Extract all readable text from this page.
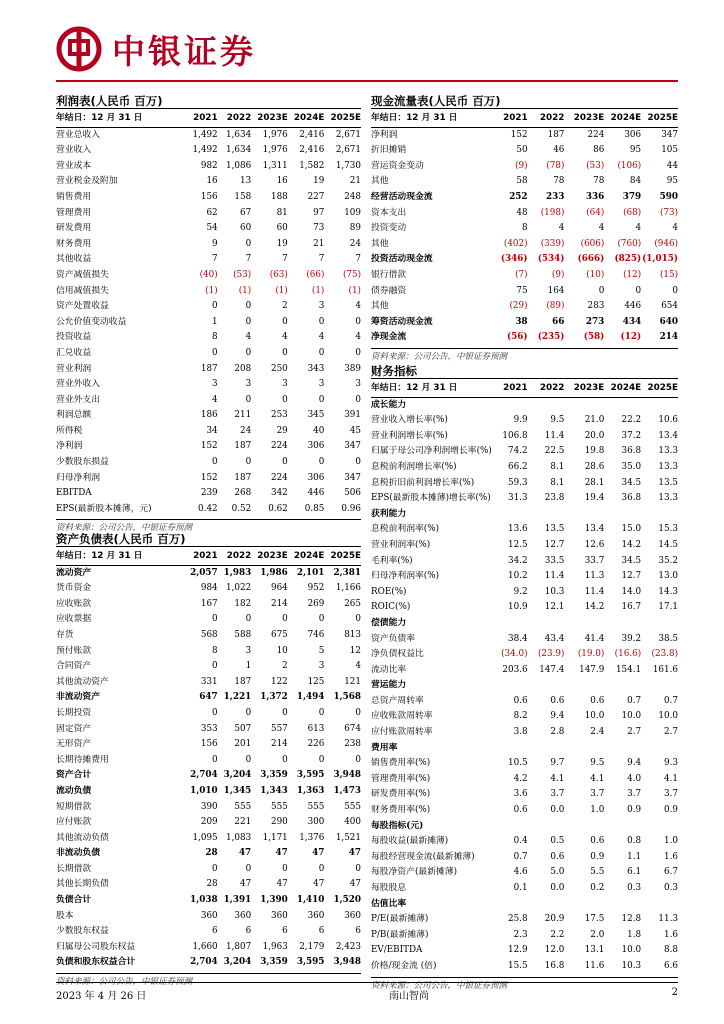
中银证券
利润表(人民币 百万)
年结日：12 月 31 日	2021	2022	2023E	2024E	2025E
营业总收入	1,492	1,634	1,976	2,416	2,671
营业收入	1,492	1,634	1,976	2,416	2,671
营业成本	982	1,086	1,311	1,582	1,730
营业税金及附加	16	13	16	19	21
销售费用	156	158	188	227	248
管理费用	62	67	81	97	109
研发费用	54	60	60	73	89
财务费用	9	0	19	21	24
其他收益	7	7	7	7	7
资产减值损失	(40)	(53)	(63)	(66)	(75)
信用减值损失	(1)	(1)	(1)	(1)	(1)
资产处置收益	0	0	2	3	4
公允价值变动收益	1	0	0	0	0
投资收益	8	4	4	4	4
汇兑收益	0	0	0	0	0
营业利润	187	208	250	343	389
营业外收入	3	3	3	3	3
营业外支出	4	0	0	0	0
利润总额	186	211	253	345	391
所得税	34	24	29	40	45
净利润	152	187	224	306	347
少数股东损益	0	0	0	0	0
归母净利润	152	187	224	306	347
EBITDA	239	268	342	446	506
EPS(最新股本摊薄，元)	0.42	0.52	0.62	0.85	0.96
资料来源：公司公告，中银证券预测
资产负债表(人民币 百万)
年结日：12 月 31 日	2021	2022	2023E	2024E	2025E
流动资产	2,057	1,983	1,986	2,101	2,381
货币资金	984	1,022	964	952	1,166
应收账款	167	182	214	269	265
应收票据	0	0	0	0	0
存货	568	588	675	746	813
预付账款	8	3	10	5	12
合同资产	0	1	2	3	4
其他流动资产	331	187	122	125	121
非流动资产	647	1,221	1,372	1,494	1,568
长期投资	0	0	0	0	0
固定资产	353	507	557	613	674
无形资产	156	201	214	226	238
长期待摊费用	0	0	0	0	0
资产合计	2,704	3,204	3,359	3,595	3,948
流动负债	1,010	1,345	1,343	1,363	1,473
短期借款	390	555	555	555	555
应付账款	209	221	290	300	400
其他流动负债	1,095	1,083	1,171	1,376	1,521
非流动负债	28	47	47	47	47
长期借款	0	0	0	0	0
其他长期负债	28	47	47	47	47
负债合计	1,038	1,391	1,390	1,410	1,520
股本	360	360	360	360	360
少数股东权益	6	6	6	6	6
归属母公司股东权益	1,660	1,807	1,963	2,179	2,423
负债和股东权益合计	2,704	3,204	3,359	3,595	3,948
资料来源：公司公告，中银证券预测
现金流量表(人民币 百万)
年结日：12 月 31 日	2021	2022	2023E	2024E	2025E
净利润	152	187	224	306	347
折旧摊销	50	46	86	95	105
营运资金变动	(9)	(78)	(53)	(106)	44
其他	58	78	78	84	95
经营活动现金流	252	233	336	379	590
资本支出	48	(198)	(64)	(68)	(73)
投资变动	8	4	4	4	4
其他	(402)	(339)	(606)	(760)	(946)
投资活动现金流	(346)	(534)	(666)	(825)	(1,015)
银行借款	(7)	(9)	(10)	(12)	(15)
债券融资	75	164	0	0	0
其他	(29)	(89)	283	446	654
筹资活动现金流	38	66	273	434	640
净现金流	(56)	(235)	(58)	(12)	214
资料来源：公司公告，中银证券预测
财务指标
年结日：12 月 31 日	2021	2022	2023E	2024E	2025E
成长能力					
营业收入增长率(%)	9.9	9.5	21.0	22.2	10.6
营业利润增长率(%)	106.8	11.4	20.0	37.2	13.4
归属于母公司净利润增长率(%)	74.2	22.5	19.8	36.8	13.3
息税前利润增长率(%)	66.2	8.1	28.6	35.0	13.3
息税折旧前利润增长率(%)	59.3	8.1	28.1	34.5	13.5
EPS(最新股本摊薄)增长率(%)	31.3	23.8	19.4	36.8	13.3
获利能力					
息税前利润率(%)	13.6	13.5	13.4	15.0	15.3
营业利润率(%)	12.5	12.7	12.6	14.2	14.5
毛利率(%)	34.2	33.5	33.7	34.5	35.2
归母净利润率(%)	10.2	11.4	11.3	12.7	13.0
ROE(%)	9.2	10.3	11.4	14.0	14.3
ROIC(%)	10.9	12.1	14.2	16.7	17.1
偿债能力					
资产负债率	38.4	43.4	41.4	39.2	38.5
净负债权益比	(34.0)	(23.9)	(19.0)	(16.6)	(23.8)
流动比率	203.6	147.4	147.9	154.1	161.6
营运能力					
总资产周转率	0.6	0.6	0.6	0.7	0.7
应收账款周转率	8.2	9.4	10.0	10.0	10.0
应付账款周转率	3.8	2.8	2.4	2.7	2.7
费用率					
销售费用率(%)	10.5	9.7	9.5	9.4	9.3
管理费用率(%)	4.2	4.1	4.1	4.0	4.1
研发费用率(%)	3.6	3.7	3.7	3.7	3.7
财务费用率(%)	0.6	0.0	1.0	0.9	0.9
每股指标(元)					
每股收益(最新摊薄)	0.4	0.5	0.6	0.8	1.0
每股经营现金流(最新摊薄)	0.7	0.6	0.9	1.1	1.6
每股净资产(最新摊薄)	4.6	5.0	5.5	6.1	6.7
每股股息	0.1	0.0	0.2	0.3	0.3
估值比率					
P/E(最新摊薄)	25.8	20.9	17.5	12.8	11.3
P/B(最新摊薄)	2.3	2.2	2.0	1.8	1.6
EV/EBITDA	12.9	12.0	13.1	10.0	8.8
价格/现金流 (倍)	15.5	16.8	11.6	10.3	6.6
资料来源：公司公告，中银证券预测
2023 年 4 月 26 日	南山智尚	2
